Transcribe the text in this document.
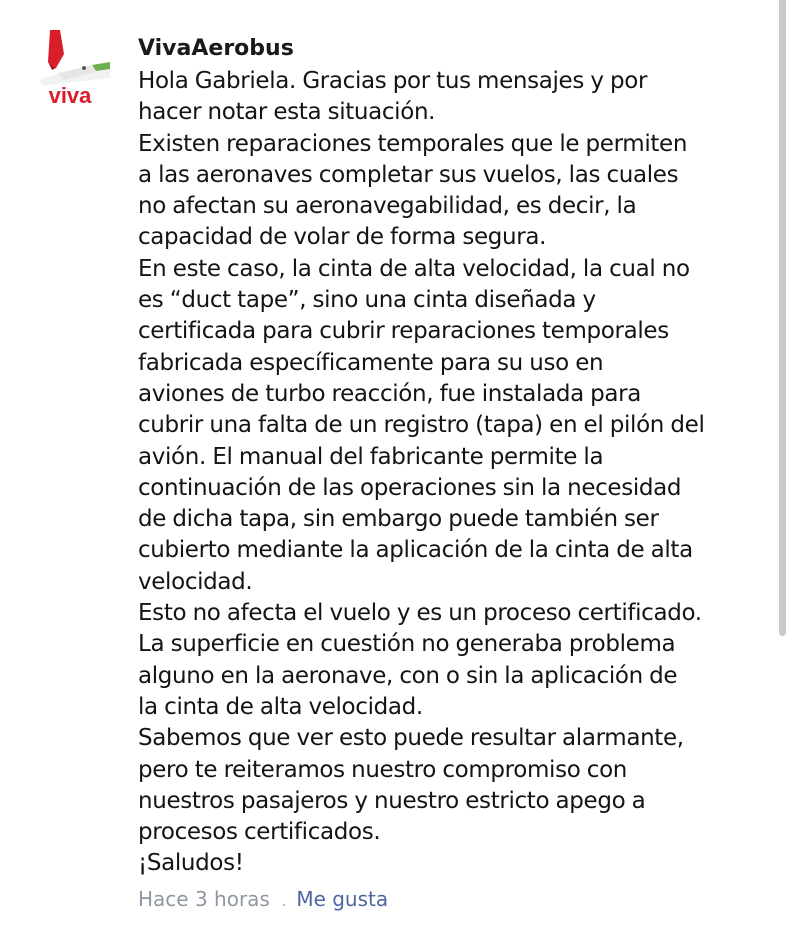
viva
VivaAerobus
Hola Gabriela. Gracias por tus mensajes y por
hacer notar esta situación.
Existen reparaciones temporales que le permiten
a las aeronaves completar sus vuelos, las cuales
no afectan su aeronavegabilidad, es decir, la
capacidad de volar de forma segura.
En este caso, la cinta de alta velocidad, la cual no
es “duct tape”, sino una cinta diseñada y
certificada para cubrir reparaciones temporales
fabricada específicamente para su uso en
aviones de turbo reacción, fue instalada para
cubrir una falta de un registro (tapa) en el pilón del
avión. El manual del fabricante permite la
continuación de las operaciones sin la necesidad
de dicha tapa, sin embargo puede también ser
cubierto mediante la aplicación de la cinta de alta
velocidad.
Esto no afecta el vuelo y es un proceso certificado.
La superficie en cuestión no generaba problema
alguno en la aeronave, con o sin la aplicación de
la cinta de alta velocidad.
Sabemos que ver esto puede resultar alarmante,
pero te reiteramos nuestro compromiso con
nuestros pasajeros y nuestro estricto apego a
procesos certificados.
¡Saludos!
Hace 3 horas . Me gusta
